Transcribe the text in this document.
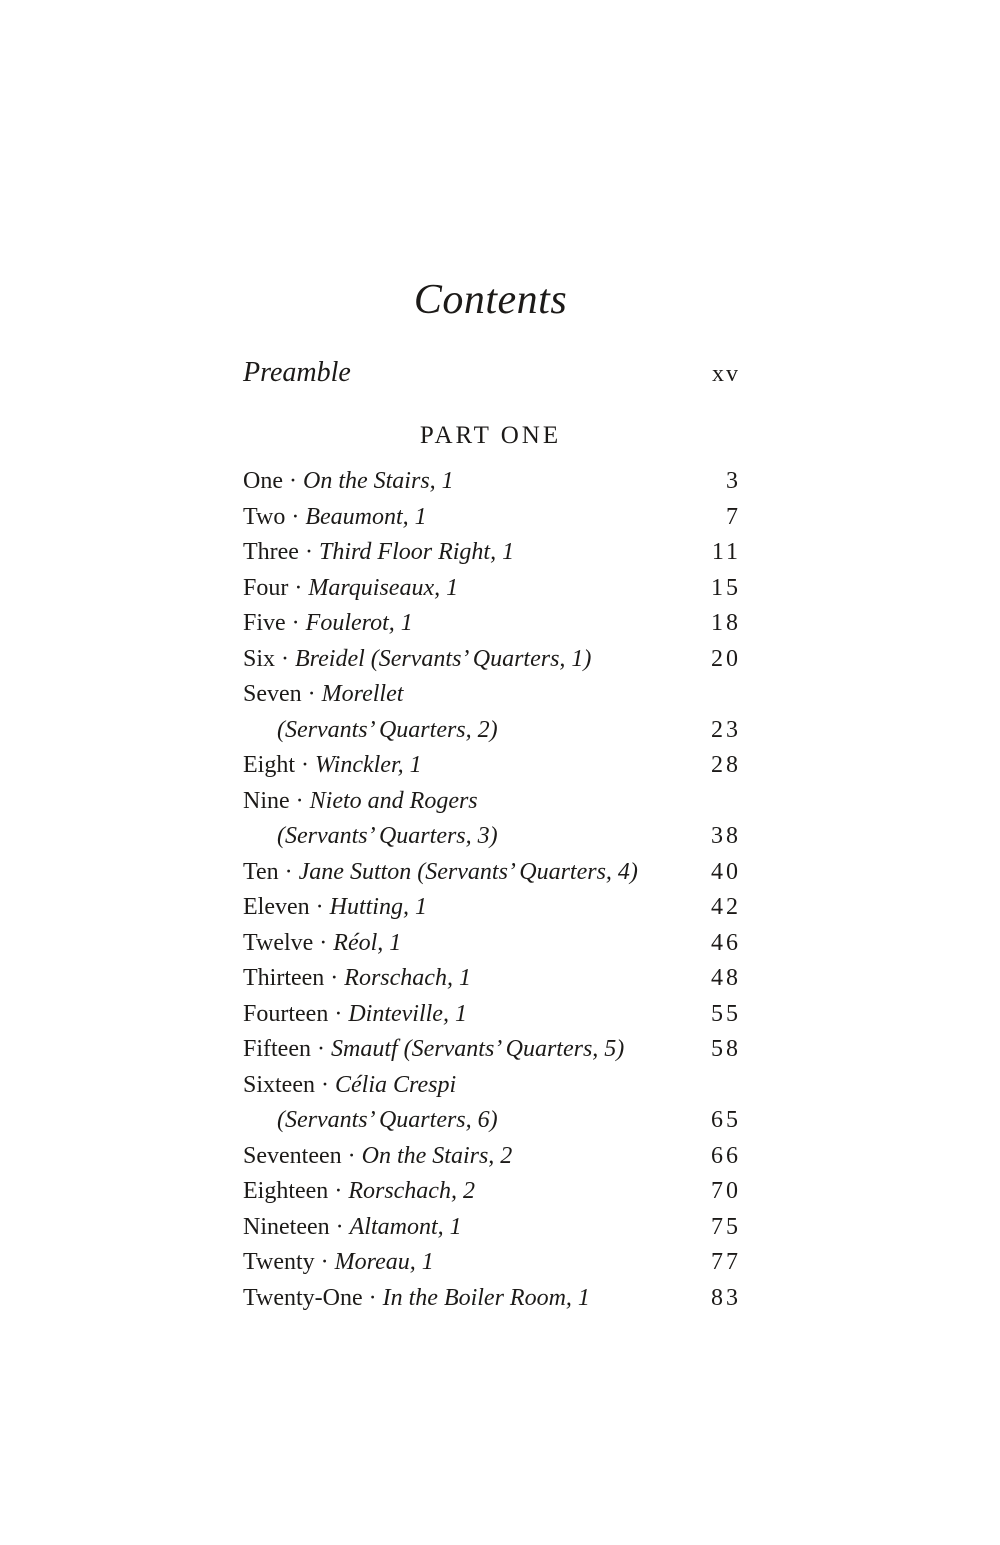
Contents
Preamble	xv
PART ONE
One · On the Stairs, 1	3
Two · Beaumont, 1	7
Three · Third Floor Right, 1	11
Four · Marquiseaux, 1	15
Five · Foulerot, 1	18
Six · Breidel (Servants’ Quarters, 1)	20
Seven · Morellet
(Servants’ Quarters, 2)	23
Eight · Winckler, 1	28
Nine · Nieto and Rogers
(Servants’ Quarters, 3)	38
Ten · Jane Sutton (Servants’ Quarters, 4)	40
Eleven · Hutting, 1	42
Twelve · Réol, 1	46
Thirteen · Rorschach, 1	48
Fourteen · Dinteville, 1	55
Fifteen · Smautf (Servants’ Quarters, 5)	58
Sixteen · Célia Crespi
(Servants’ Quarters, 6)	65
Seventeen · On the Stairs, 2	66
Eighteen · Rorschach, 2	70
Nineteen · Altamont, 1	75
Twenty · Moreau, 1	77
Twenty-One · In the Boiler Room, 1	83
